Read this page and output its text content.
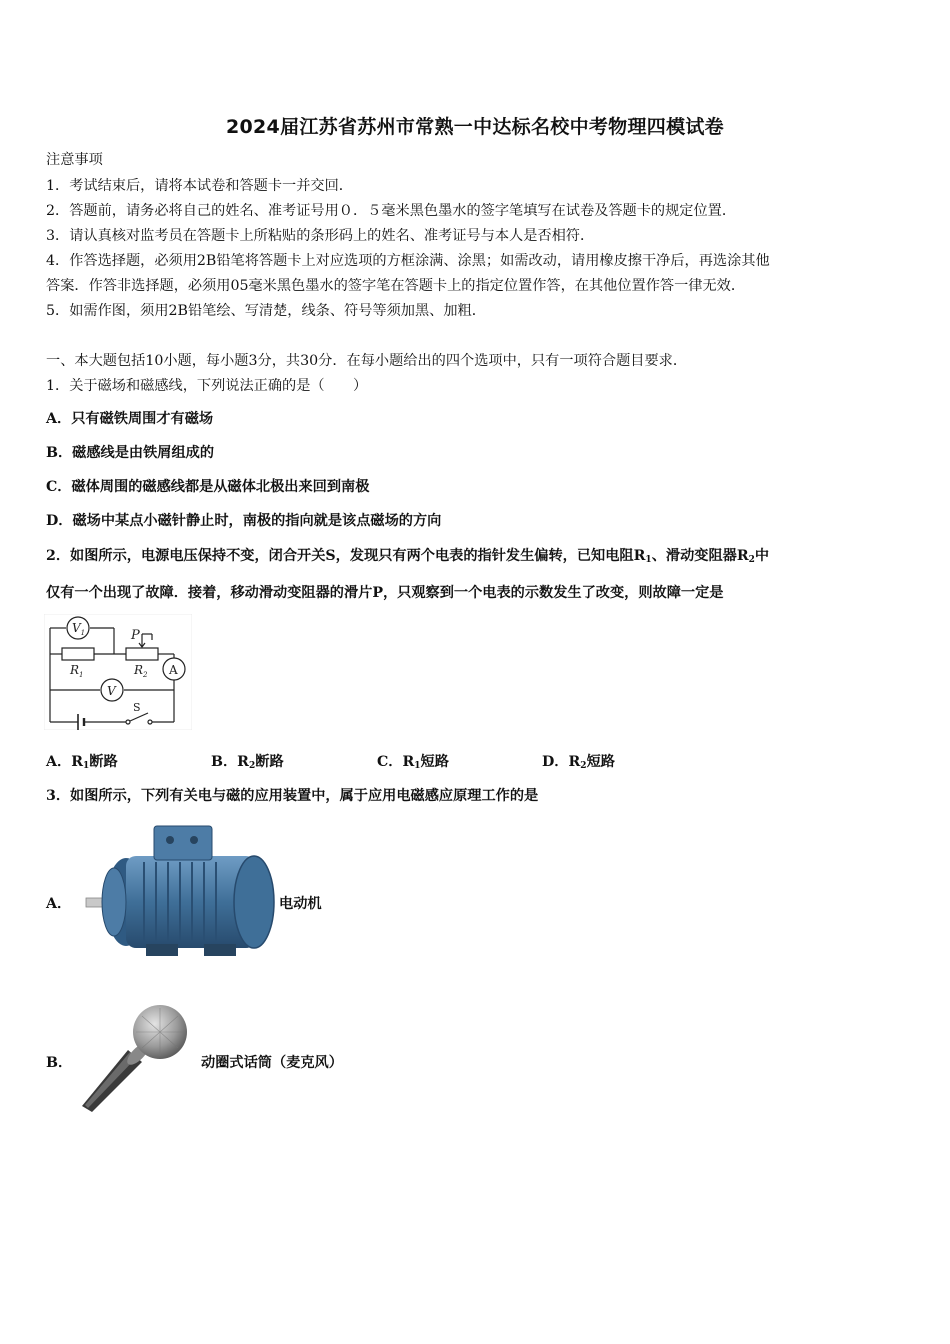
2024届江苏省苏州市常熟一中达标名校中考物理四模试卷
注意事项
1．考试结束后，请将本试卷和答题卡一并交回．
2．答题前，请务必将自己的姓名、准考证号用０．５毫米黑色墨水的签字笔填写在试卷及答题卡的规定位置．
3．请认真核对监考员在答题卡上所粘贴的条形码上的姓名、准考证号与本人是否相符．
4．作答选择题，必须用2B铅笔将答题卡上对应选项的方框涂满、涂黑；如需改动，请用橡皮擦干净后，再选涂其他
答案．作答非选择题，必须用05毫米黑色墨水的签字笔在答题卡上的指定位置作答，在其他位置作答一律无效．
5．如需作图，须用2B铅笔绘、写清楚，线条、符号等须加黑、加粗．
一、本大题包括10小题，每小题3分，共30分．在每小题给出的四个选项中，只有一项符合题目要求．
1．关于磁场和磁感线，下列说法正确的是（　　）
A．只有磁铁周围才有磁场
B．磁感线是由铁屑组成的
C．磁体周围的磁感线都是从磁体北极出来回到南极
D．磁场中某点小磁针静止时，南极的指向就是该点磁场的方向
2．如图所示，电源电压保持不变，闭合开关S，发现只有两个电表的指针发生偏转，已知电阻$R_1$、滑动变阻器$R_2$中
仅有一个出现了故障．接着，移动滑动变阻器的滑片P，只观察到一个电表的示数发生了改变，则故障一定是
$V_1$	P
$R_1$	$R_2$ A
V
S
A．$R_1$断路	B．$R_2$断路	C．$R_1$短路	D．$R_2$短路
3．如图所示，下列有关电与磁的应用装置中，属于应用电磁感应原理工作的是
A．	电动机
B．	动圈式话筒（麦克风）
